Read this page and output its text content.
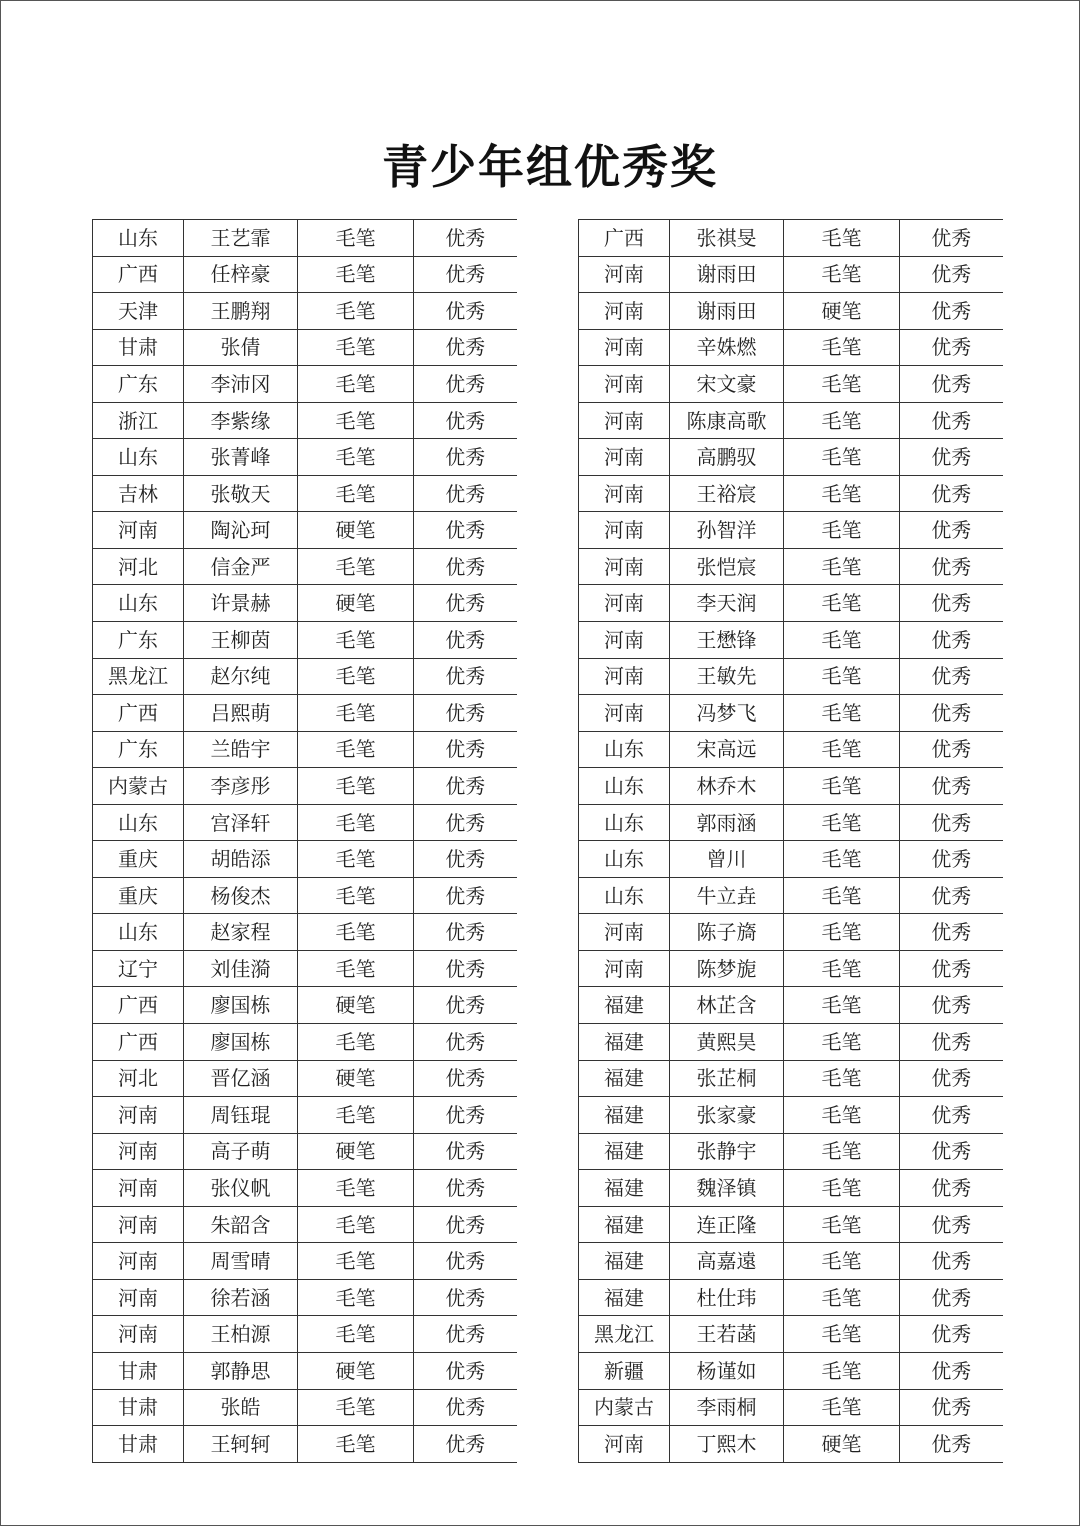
青少年组优秀奖
山东	王艺霏	毛笔	优秀
广西	任梓豪	毛笔	优秀
天津	王鹏翔	毛笔	优秀
甘肃	张倩	毛笔	优秀
广东	李沛冈	毛笔	优秀
浙江	李紫缘	毛笔	优秀
山东	张菁峰	毛笔	优秀
吉林	张敬天	毛笔	优秀
河南	陶沁珂	硬笔	优秀
河北	信金严	毛笔	优秀
山东	许景赫	硬笔	优秀
广东	王柳茵	毛笔	优秀
黑龙江	赵尔纯	毛笔	优秀
广西	吕熙萌	毛笔	优秀
广东	兰皓宇	毛笔	优秀
内蒙古	李彦彤	毛笔	优秀
山东	宫泽轩	毛笔	优秀
重庆	胡皓添	毛笔	优秀
重庆	杨俊杰	毛笔	优秀
山东	赵家程	毛笔	优秀
辽宁	刘佳漪	毛笔	优秀
广西	廖国栋	硬笔	优秀
广西	廖国栋	毛笔	优秀
河北	晋亿涵	硬笔	优秀
河南	周钰琨	毛笔	优秀
河南	高子萌	硬笔	优秀
河南	张仪帆	毛笔	优秀
河南	朱韶含	毛笔	优秀
河南	周雪晴	毛笔	优秀
河南	徐若涵	毛笔	优秀
河南	王柏源	毛笔	优秀
甘肃	郭静思	硬笔	优秀
甘肃	张皓	毛笔	优秀
甘肃	王轲轲	毛笔	优秀
广西	张祺旻	毛笔	优秀
河南	谢雨田	毛笔	优秀
河南	谢雨田	硬笔	优秀
河南	辛姝燃	毛笔	优秀
河南	宋文豪	毛笔	优秀
河南	陈康高歌	毛笔	优秀
河南	高鹏驭	毛笔	优秀
河南	王裕宸	毛笔	优秀
河南	孙智洋	毛笔	优秀
河南	张恺宸	毛笔	优秀
河南	李天润	毛笔	优秀
河南	王懋锋	毛笔	优秀
河南	王敏先	毛笔	优秀
河南	冯梦飞	毛笔	优秀
山东	宋高远	毛笔	优秀
山东	林乔木	毛笔	优秀
山东	郭雨涵	毛笔	优秀
山东	曾川	毛笔	优秀
山东	牛立垚	毛笔	优秀
河南	陈子旖	毛笔	优秀
河南	陈梦旎	毛笔	优秀
福建	林芷含	毛笔	优秀
福建	黄熙昊	毛笔	优秀
福建	张芷桐	毛笔	优秀
福建	张家豪	毛笔	优秀
福建	张静宇	毛笔	优秀
福建	魏泽镇	毛笔	优秀
福建	连正隆	毛笔	优秀
福建	高嘉遠	毛笔	优秀
福建	杜仕玮	毛笔	优秀
黑龙江	王若菡	毛笔	优秀
新疆	杨谨如	毛笔	优秀
内蒙古	李雨桐	毛笔	优秀
河南	丁熙木	硬笔	优秀
